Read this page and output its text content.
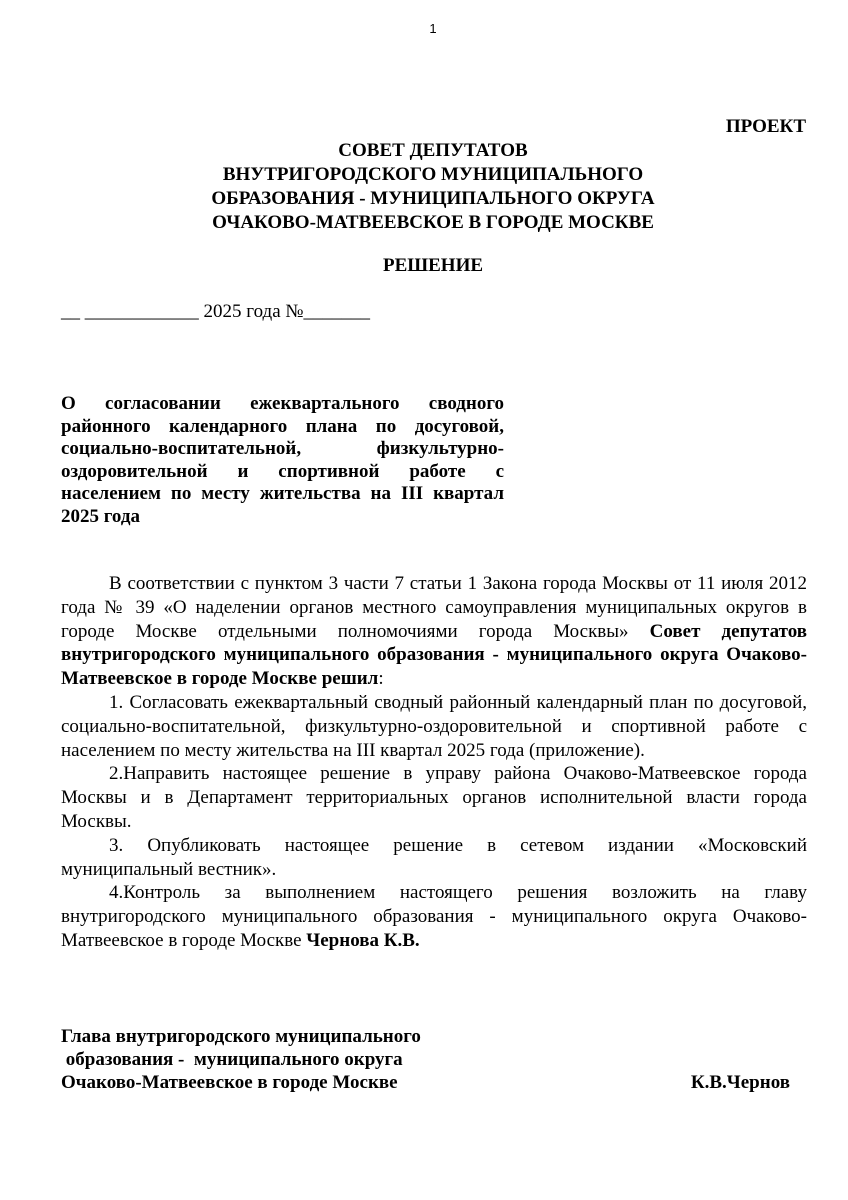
1
ПРОЕКТ
СОВЕТ ДЕПУТАТОВ
ВНУТРИГОРОДСКОГО МУНИЦИПАЛЬНОГО
ОБРАЗОВАНИЯ - МУНИЦИПАЛЬНОГО ОКРУГА
ОЧАКОВО-МАТВЕЕВСКОЕ В ГОРОДЕ МОСКВЕ
РЕШЕНИЕ
__ ____________ 2025 года №_______
О согласовании ежеквартального сводного районного календарного плана по досуговой, социально-воспитательной, физкультурно-оздоровительной и спортивной работе с населением по месту жительства на III квартал 2025 года

В соответствии с пунктом 3 части 7 статьи 1 Закона города Москвы от 11 июля 2012 года № 39 «О наделении органов местного самоуправления муниципальных округов в городе Москве отдельными полномочиями города Москвы» Совет депутатов внутригородского муниципального образования - муниципального округа Очаково-Матвеевское в городе Москве решил:

1. Согласовать ежеквартальный сводный районный календарный план по досуговой, социально-воспитательной, физкультурно-оздоровительной и спортивной работе с населением по месту жительства на III квартал 2025 года (приложение).

2.Направить настоящее решение в управу района Очаково-Матвеевское города Москвы и в Департамент территориальных органов исполнительной власти города Москвы.

3. Опубликовать настоящее решение в сетевом издании «Московский муниципальный вестник».

4.Контроль за выполнением настоящего решения возложить на главу внутригородского муниципального образования - муниципального округа Очаково-Матвеевское в городе Москве Чернова К.В.

Глава внутригородского муниципального
образования -  муниципального округа
Очаково-Матвеевское в городе Москве	К.В.Чернов
